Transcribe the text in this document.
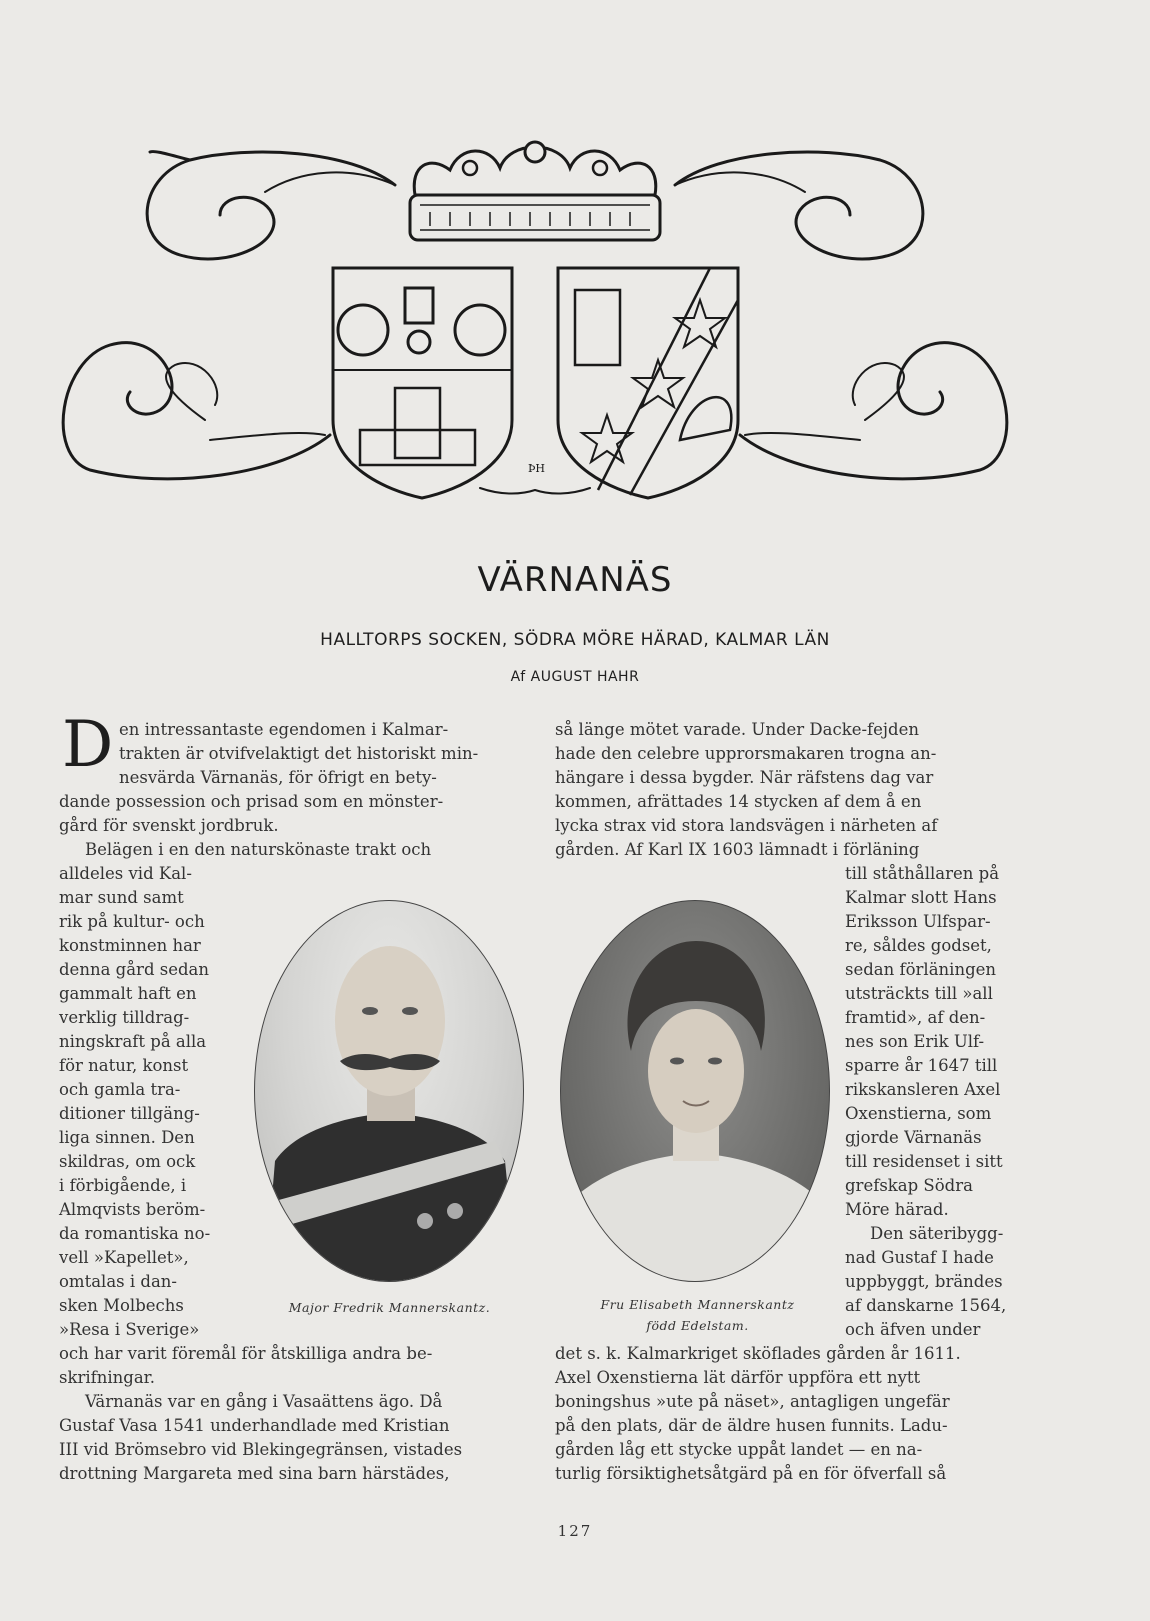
ÞH
VÄRNANÄS
HALLTORPS SOCKEN, SÖDRA MÖRE HÄRAD, KALMAR LÄN
Af AUGUST HAHR
D en intressantaste egendomen i Kalmar-
trakten är otvifvelaktigt det historiskt min-
nesvärda Värnanäs, för öfrigt en bety-
dande possession och prisad som en mönster-
gård för svenskt jordbruk.
Belägen i en den naturskönaste trakt och
alldeles vid Kal-
mar sund samt
rik på kultur- och
konstminnen har
denna gård sedan
gammalt haft en
verklig tilldrag-
ningskraft på alla
för natur, konst
och gamla tra-
ditioner tillgäng-
liga sinnen. Den
skildras, om ock
i förbigående, i
Almqvists beröm-
da romantiska no-
vell »Kapellet»,
omtalas i dan-
sken Molbechs
»Resa i Sverige»
och har varit föremål för åtskilliga andra be-
skrifningar.
Värnanäs var en gång i Vasaättens ägo. Då
Gustaf Vasa 1541 underhandlade med Kristian
III vid Brömsebro vid Blekingegränsen, vistades
drottning Margareta med sina barn härstädes,
så länge mötet varade. Under Dacke-fejden
hade den celebre upprorsmakaren trogna an-
hängare i dessa bygder. När räfstens dag var
kommen, afrättades 14 stycken af dem å en
lycka strax vid stora landsvägen i närheten af
gården. Af Karl IX 1603 lämnadt i förläning
till ståthållaren på
Kalmar slott Hans
Eriksson Ulfspar-
re, såldes godset,
sedan förläningen
utsträckts till »all
framtid», af den-
nes son Erik Ulf-
sparre år 1647 till
rikskansleren Axel
Oxenstierna, som
gjorde Värnanäs
till residenset i sitt
grefskap Södra
Möre härad.
Den säteribygg-
nad Gustaf I hade
uppbyggt, brändes
af danskarne 1564,
och äfven under
det s. k. Kalmarkriget sköflades gården år 1611.
Axel Oxenstierna lät därför uppföra ett nytt
boningshus »ute på näset», antagligen ungefär
på den plats, där de äldre husen funnits. Ladu-
gården låg ett stycke uppåt landet — en na-
turlig försiktighetsåtgärd på en för öfverfall så
Major Fredrik Mannerskantz.	Fru Elisabeth Mannerskantz
född Edelstam.
127
